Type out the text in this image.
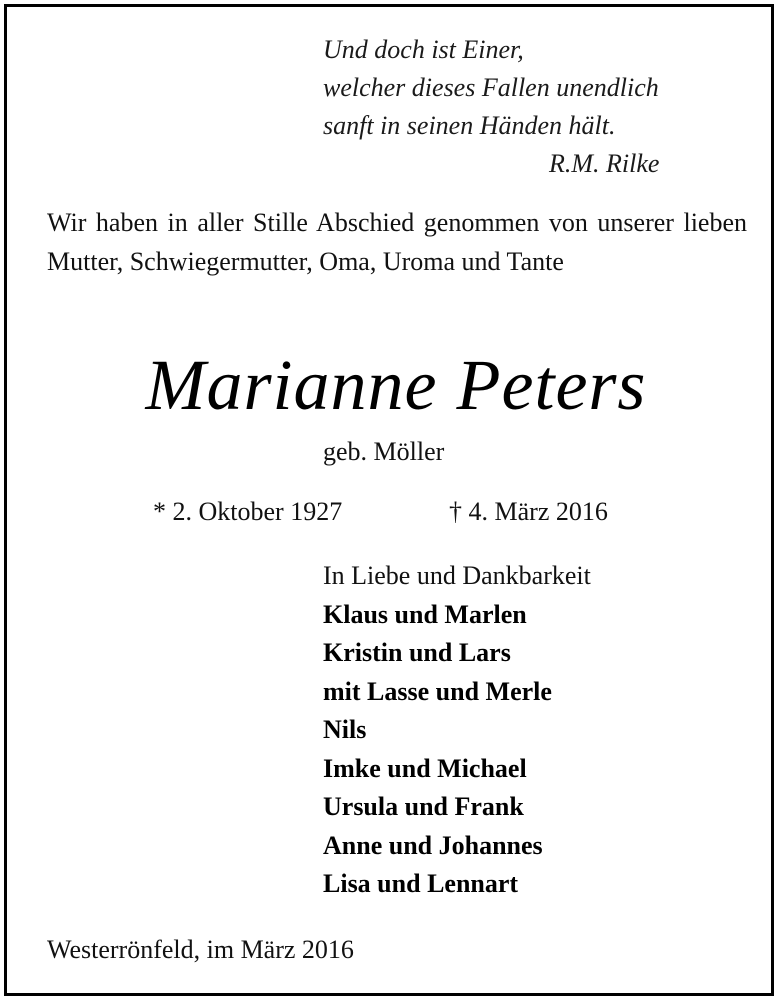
Und doch ist Einer,
welcher dieses Fallen unendlich
sanft in seinen Händen hält.
R.M. Rilke
Wir haben in aller Stille Abschied genommen von unserer lieben Mutter, Schwiegermutter, Oma, Uroma und Tante
Marianne Peters
geb. Möller
* 2. Oktober 1927	† 4. März 2016
In Liebe und Dankbarkeit
Klaus und Marlen
Kristin und Lars
mit Lasse und Merle
Nils
Imke und Michael
Ursula und Frank
Anne und Johannes
Lisa und Lennart
Westerrönfeld, im März 2016
